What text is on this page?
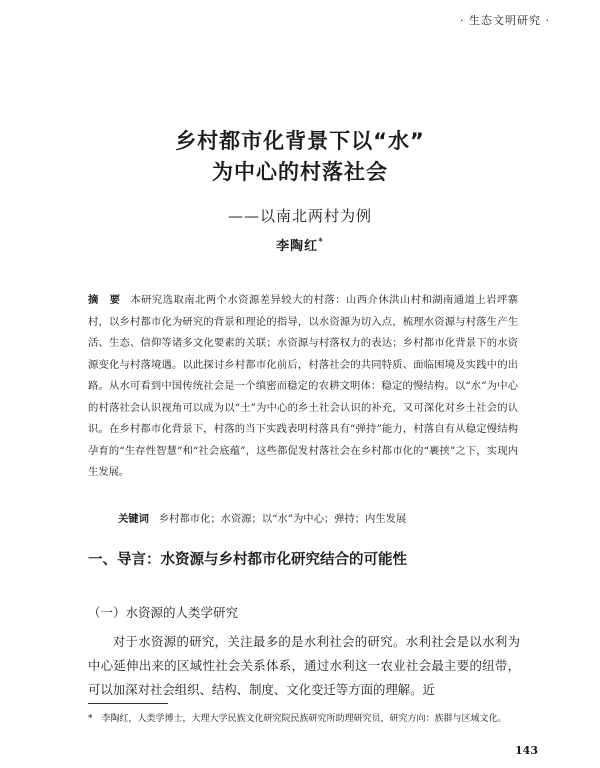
· 生态文明研究 ·
乡村都市化背景下以“水”
为中心的村落社会
——以南北两村为例
李陶红*

摘　要 本研究选取南北两个水资源差异较大的村落：山西介休洪山村和湖南通道上岩坪寨村，以乡村都市化为研究的背景和理论的指导，以水资源为切入点，梳理水资源与村落生产生活、生态、信仰等诸多文化要素的关联；水资源与村落权力的表达；乡村都市化背景下的水资源变化与村落境遇。以此探讨乡村都市化前后，村落社会的共同特质、面临困境及实践中的出路。从水可看到中国传统社会是一个缜密而稳定的农耕文明体：稳定的慢结构。以“水”为中心的村落社会认识视角可以成为以“土”为中心的乡土社会认识的补充，又可深化对乡土社会的认识。在乡村都市化背景下，村落的当下实践表明村落具有“弹持”能力，村落自有从稳定慢结构孕育的“生存性智慧”和“社会底蕴”，这些都促发村落社会在乡村都市化的“裹挟”之下，实现内生发展。

关键词 乡村都市化；水资源；以“水”为中心；弹持；内生发展

一、导言：水资源与乡村都市化研究结合的可能性
（一）水资源的人类学研究

对于水资源的研究，关注最多的是水利社会的研究。水利社会是以水利为中心延伸出来的区域性社会关系体系，通过水利这一农业社会最主要的纽带，可以加深对社会组织、结构、制度、文化变迁等方面的理解。近

*　李陶红，人类学博士，大理大学民族文化研究院民族研究所助理研究员，研究方向：族群与区域文化。

143
